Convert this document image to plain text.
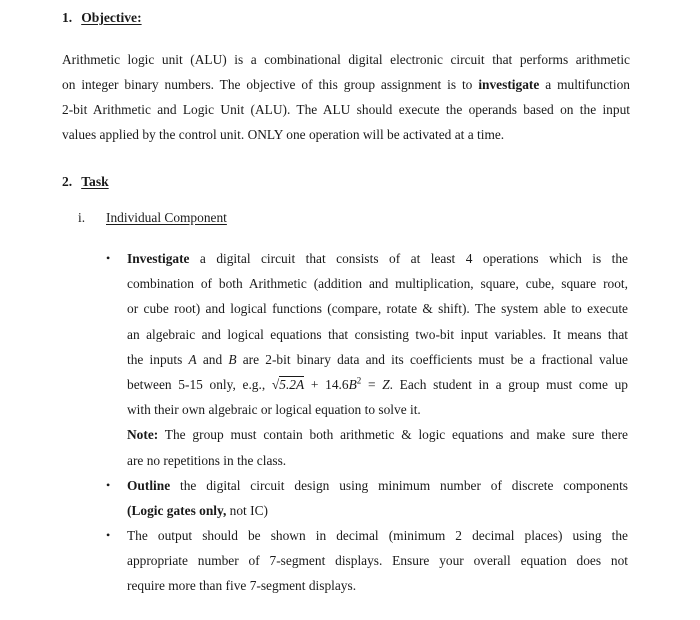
1. Objective:
Arithmetic logic unit (ALU) is a combinational digital electronic circuit that performs arithmetic
on integer binary numbers. The objective of this group assignment is to investigate a multifunction
2-bit Arithmetic and Logic Unit (ALU). The ALU should execute the operands based on the input
values applied by the control unit. ONLY one operation will be activated at a time.
2. Task
i. Individual Component
• Investigate a digital circuit that consists of at least 4 operations which is the
combination of both Arithmetic (addition and multiplication, square, cube, square root,
or cube root) and logical functions (compare, rotate & shift). The system able to execute
an algebraic and logical equations that consisting two-bit input variables. It means that
the inputs A and B are 2-bit binary data and its coefficients must be a fractional value
between 5-15 only, e.g., $√5.2A + 14.6B^2 = Z$. Each student in a group must come up
with their own algebraic or logical equation to solve it.
Note: The group must contain both arithmetic & logic equations and make sure there
are no repetitions in the class.
• Outline the digital circuit design using minimum number of discrete components
(Logic gates only, not IC)
• The output should be shown in decimal (minimum 2 decimal places) using the
appropriate number of 7-segment displays. Ensure your overall equation does not
require more than five 7-segment displays.
